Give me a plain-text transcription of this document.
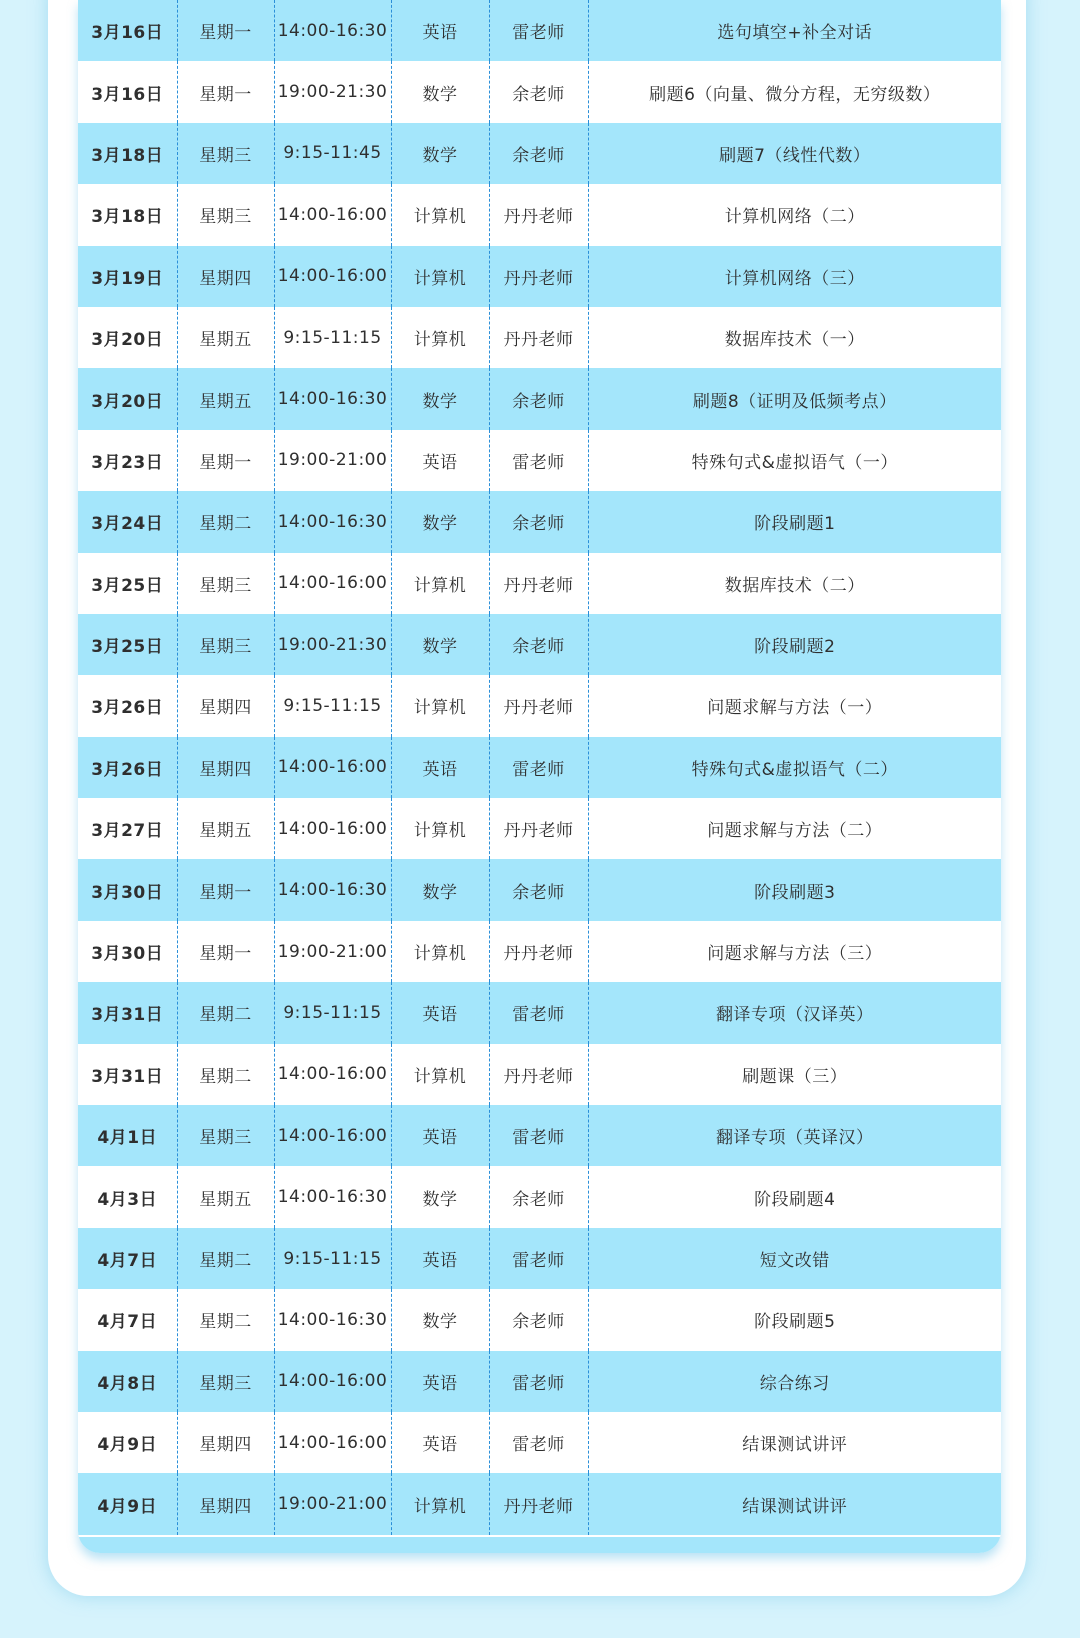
3月16日	星期一	14:00-16:30	英语	雷老师	选句填空+补全对话
3月16日	星期一	19:00-21:30	数学	余老师	刷题6（向量、微分方程，无穷级数）
3月18日	星期三	9:15-11:45	数学	余老师	刷题7（线性代数）
3月18日	星期三	14:00-16:00	计算机	丹丹老师	计算机网络（二）
3月19日	星期四	14:00-16:00	计算机	丹丹老师	计算机网络（三）
3月20日	星期五	9:15-11:15	计算机	丹丹老师	数据库技术（一）
3月20日	星期五	14:00-16:30	数学	余老师	刷题8（证明及低频考点）
3月23日	星期一	19:00-21:00	英语	雷老师	特殊句式&虚拟语气（一）
3月24日	星期二	14:00-16:30	数学	余老师	阶段刷题1
3月25日	星期三	14:00-16:00	计算机	丹丹老师	数据库技术（二）
3月25日	星期三	19:00-21:30	数学	余老师	阶段刷题2
3月26日	星期四	9:15-11:15	计算机	丹丹老师	问题求解与方法（一）
3月26日	星期四	14:00-16:00	英语	雷老师	特殊句式&虚拟语气（二）
3月27日	星期五	14:00-16:00	计算机	丹丹老师	问题求解与方法（二）
3月30日	星期一	14:00-16:30	数学	余老师	阶段刷题3
3月30日	星期一	19:00-21:00	计算机	丹丹老师	问题求解与方法（三）
3月31日	星期二	9:15-11:15	英语	雷老师	翻译专项（汉译英）
3月31日	星期二	14:00-16:00	计算机	丹丹老师	刷题课（三）
4月1日	星期三	14:00-16:00	英语	雷老师	翻译专项（英译汉）
4月3日	星期五	14:00-16:30	数学	余老师	阶段刷题4
4月7日	星期二	9:15-11:15	英语	雷老师	短文改错
4月7日	星期二	14:00-16:30	数学	余老师	阶段刷题5
4月8日	星期三	14:00-16:00	英语	雷老师	综合练习
4月9日	星期四	14:00-16:00	英语	雷老师	结课测试讲评
4月9日	星期四	19:00-21:00	计算机	丹丹老师	结课测试讲评
